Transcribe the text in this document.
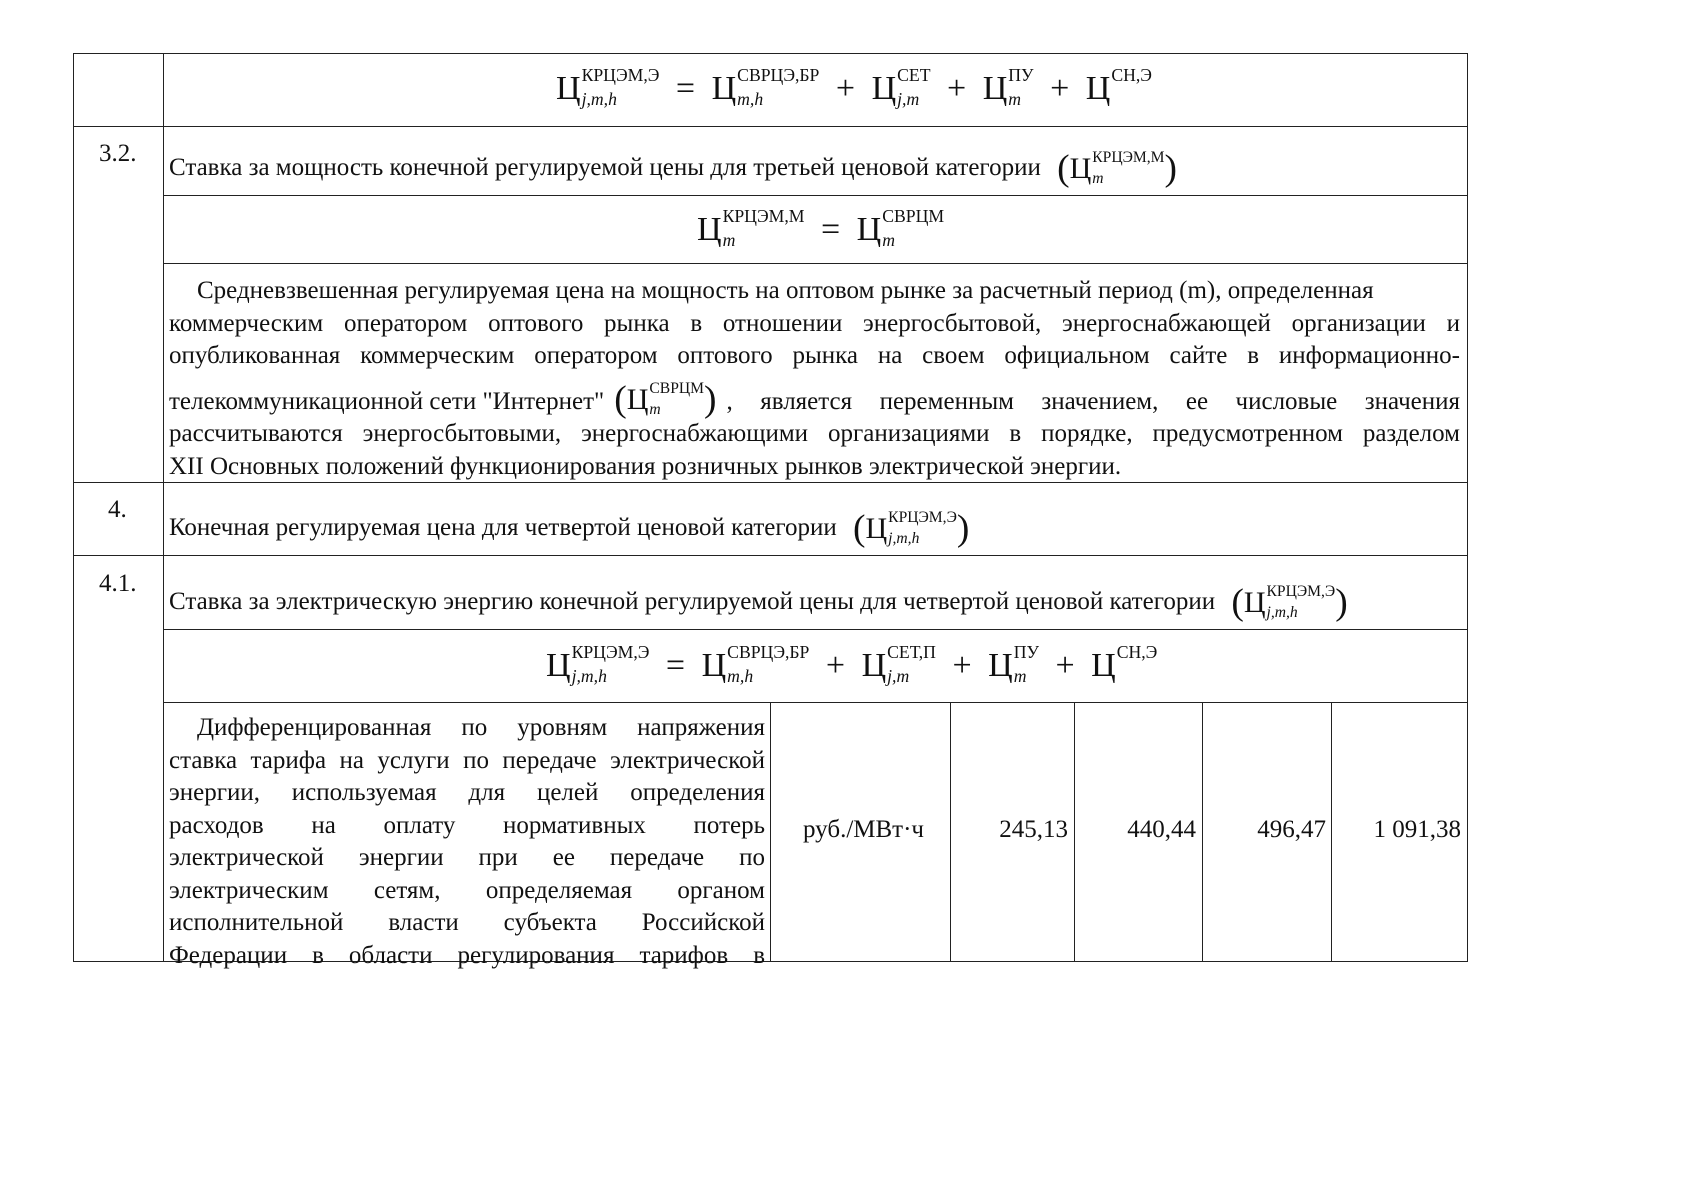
Ц КРЦЭМ,Э
j,m,h = Ц СВРЦЭ,БР
m,h + Ц СЕТ
j,m + Ц ПУ
m + Ц СН,Э
3.2.
Ставка за мощность конечной регулируемой цены для третьей ценовой категории (Ц КРЦЭМ,М
m )
Ц КРЦЭМ,М
m	= Ц СВРЦМ
m
Средневзвешенная регулируемая цена на мощность на оптовом рынке за расчетный период (m), определенная
коммерческим оператором оптового рынка в отношении энергосбытовой, энергоснабжающей организации и
опубликованная коммерческим оператором оптового рынка на своем официальном сайте в информационно-
телекоммуникационной сети "Интернет" (Ц СВРЦМ
m ) , является переменным значением, ее числовые значения
рассчитываются энергосбытовыми, энергоснабжающими организациями в порядке, предусмотренном разделом
XII Основных положений функционирования розничных рынков электрической энергии.
4.
Конечная регулируемая цена для четвертой ценовой категории (Ц КРЦЭМ,Э
j,m,h )
4.1.
Ставка за электрическую энергию конечной регулируемой цены для четвертой ценовой категории (Ц КРЦЭМ,Э
j,m,h )
Ц КРЦЭМ,Э
j,m,h = Ц СВРЦЭ,БР
m,h + Ц СЕТ,П
j,m + Ц ПУ
m + Ц СН,Э
Дифференцированная по уровням напряжения
ставка тарифа на услуги по передаче электрической
энергии, используемая для целей определения
расходов на оплату нормативных потерь
электрической энергии при ее передаче по
электрическим сетям, определяемая органом
исполнительной власти субъекта Российской
Федерации в области регулирования тарифов в
руб./МВт·ч	245,13	440,44	496,47	1 091,38
